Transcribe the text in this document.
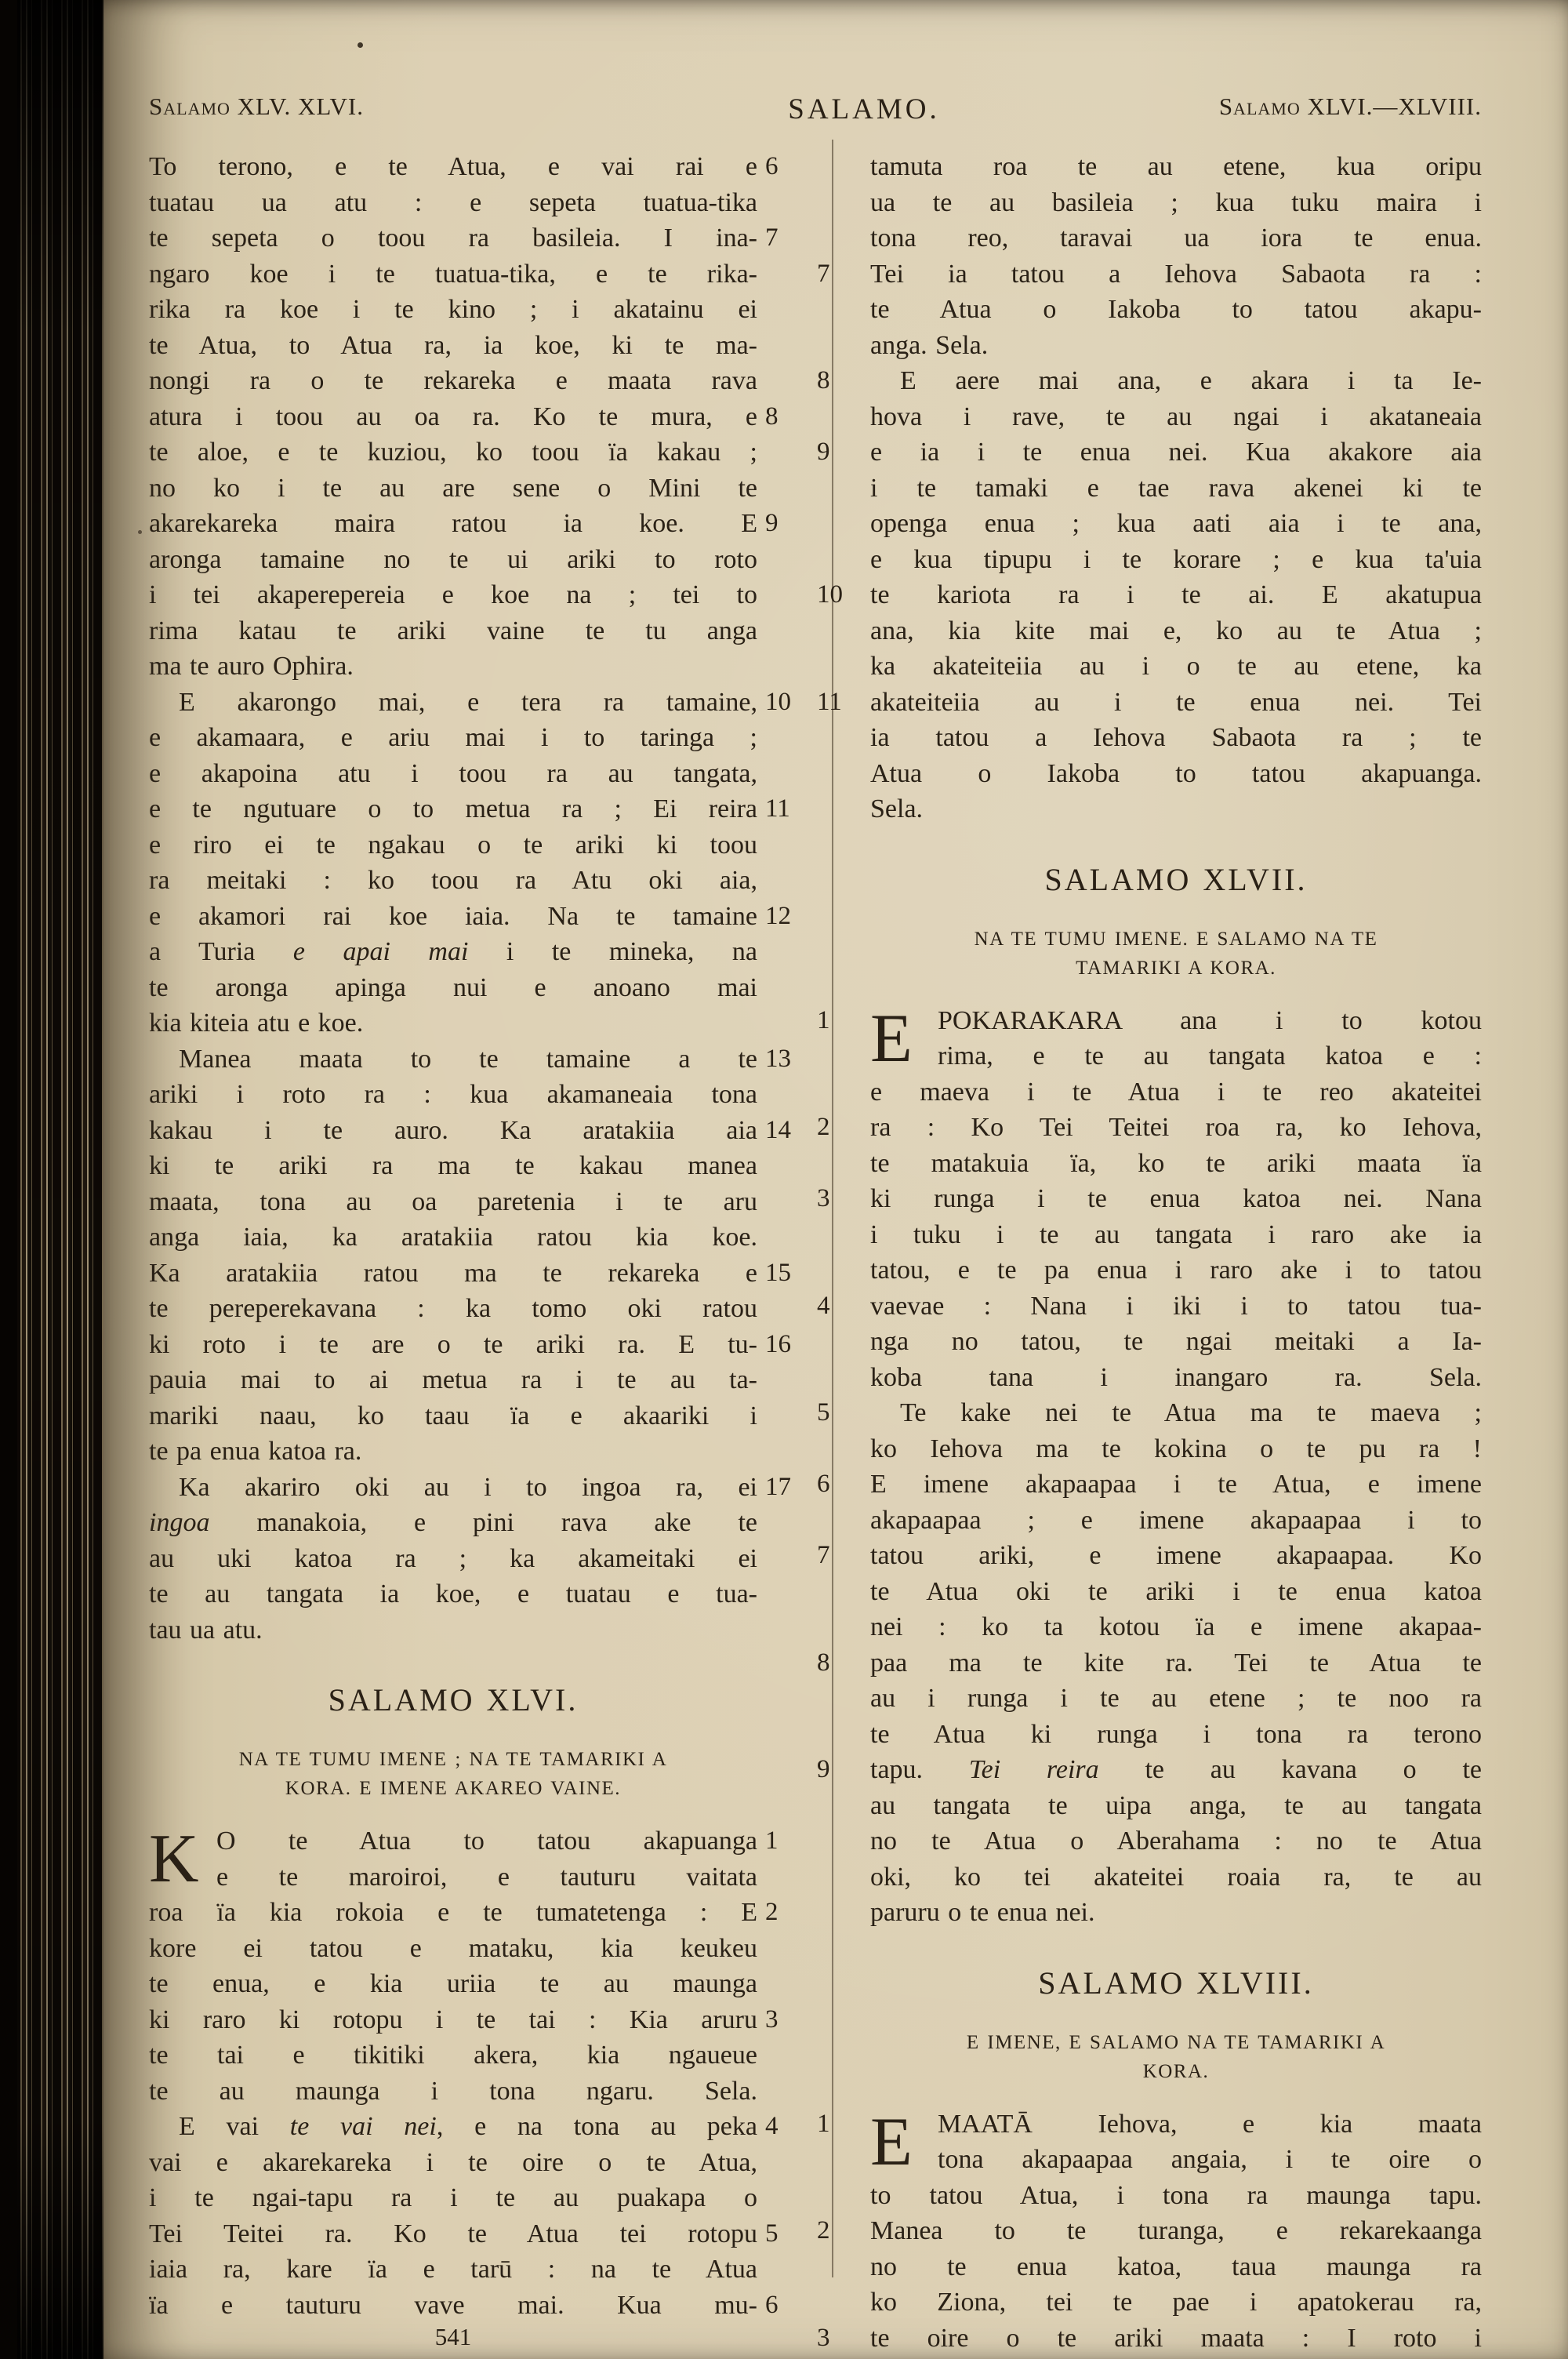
Salamo XLV. XLVI.	SALAMO.	Salamo XLVI.—XLVIII.
6
To terono, e te Atua, e vai rai e
tuatau ua atu : e sepeta tuatua-tika
7
te sepeta o toou ra basileia. I ina-
ngaro koe i te tuatua-tika, e te rika-
rika ra koe i te kino ; i akatainu ei
te Atua, to Atua ra, ia koe, ki te ma-
nongi ra o te rekareka e maata rava
8
atura i toou au oa ra. Ko te mura, e
te aloe, e te kuziou, ko toou ïa kakau ;
no ko i te au are sene o Mini te
9
akarekareka maira ratou ia koe. E
aronga tamaine no te ui ariki to roto
i tei akaperepereia e koe na ; tei to
rima katau te ariki vaine te tu anga
ma te auro Ophira.
10
E akarongo mai, e tera ra tamaine,
e akamaara, e ariu mai i to taringa ;
e akapoina atu i toou ra au tangata,
11
e te ngutuare o to metua ra ; Ei reira
e riro ei te ngakau o te ariki ki toou
ra meitaki : ko toou ra Atu oki aia,
12
e akamori rai koe iaia. Na te tamaine
a Turia e apai mai i te mineka, na
te aronga apinga nui e anoano mai
kia kiteia atu e koe.
13
Manea maata to te tamaine a te
ariki i roto ra : kua akamaneaia tona
14
kakau i te auro. Ka aratakiia aia
ki te ariki ra ma te kakau manea
maata, tona au oa paretenia i te aru
anga iaia, ka aratakiia ratou kia koe.
15
Ka aratakiia ratou ma te rekareka e
te pereperekavana : ka tomo oki ratou
16
ki roto i te are o te ariki ra. E tu-
pauia mai to ai metua ra i te au ta-
mariki naau, ko taau ïa e akaariki i
te pa enua katoa ra.
17
Ka akariro oki au i to ingoa ra, ei
ingoa manakoia, e pini rava ake te
au uki katoa ra ; ka akameitaki ei
te au tangata ia koe, e tuatau e tua-
tau ua atu.
SALAMO XLVI.
NA TE TUMU IMENE ; NA TE TAMARIKI A
KORA. E IMENE AKAREO VAINE.
1
K O te Atua to tatou akapuanga
e te maroiroi, e tauturu vaitata
2
roa ïa kia rokoia e te tumatetenga : E
kore ei tatou e mataku, kia keukeu
te enua, e kia uriia te au maunga
3
ki raro ki rotopu i te tai : Kia aruru
te tai e tikitiki akera, kia ngaueue
te au maunga i tona ngaru. Sela.
4
E vai te vai nei, e na tona au peka
vai e akarekareka i te oire o te Atua,
i te ngai-tapu ra i te au puakapa o
5
Tei Teitei ra. Ko te Atua tei rotopu
iaia ra, kare ïa e tarū : na te Atua
6
ïa e tauturu vave mai. Kua mu-
tamuta roa te au etene, kua oripu
ua te au basileia ; kua tuku maira i
tona reo, taravai ua iora te enua.
7	Tei ia tatou a Iehova Sabaota ra :
te Atua o Iakoba to tatou akapu-
anga. Sela.
8	E aere mai ana, e akara i ta Ie-
hova i rave, te au ngai i akataneaia
9	e ia i te enua nei. Kua akakore aia
i te tamaki e tae rava akenei ki te
openga enua ; kua aati aia i te ana,
e kua tipupu i te korare ; e kua ta'uia
10	te kariota ra i te ai. E akatupua
ana, kia kite mai e, ko au te Atua ;
ka akateiteiia au i o te au etene, ka
11	akateiteiia au i te enua nei. Tei
ia tatou a Iehova Sabaota ra ; te
Atua o Iakoba to tatou akapuanga.
Sela.
SALAMO XLVII.
NA TE TUMU IMENE. E SALAMO NA TE
TAMARIKI A KORA.
1 E POKARAKARA ana i to kotou
rima, e te au tangata katoa e :
e maeva i te Atua i te reo akateitei
2	ra : Ko Tei Teitei roa ra, ko Iehova,
te matakuia ïa, ko te ariki maata ïa
3	ki runga i te enua katoa nei. Nana
i tuku i te au tangata i raro ake ia
tatou, e te pa enua i raro ake i to tatou
4	vaevae : Nana i iki i to tatou tua-
nga no tatou, te ngai meitaki a Ia-
koba tana i inangaro ra. Sela.
5	Te kake nei te Atua ma te maeva ;
ko Iehova ma te kokina o te pu ra !
6	E imene akapaapaa i te Atua, e imene
akapaapaa ; e imene akapaapaa i to
7	tatou ariki, e imene akapaapaa. Ko
te Atua oki te ariki i te enua katoa
nei : ko ta kotou ïa e imene akapaa-
8	paa ma te kite ra. Tei te Atua te
au i runga i te au etene ; te noo ra
te Atua ki runga i tona ra terono
9	tapu. Tei reira te au kavana o te
au tangata te uipa anga, te au tangata
no te Atua o Aberahama : no te Atua
oki, ko tei akateitei roaia ra, te au
paruru o te enua nei.
SALAMO XLVIII.
E IMENE, E SALAMO NA TE TAMARIKI A
KORA.
1 E MAATĀ Iehova, e kia maata
tona akapaapaa angaia, i te oire o
to tatou Atua, i tona ra maunga tapu.
2	Manea to te turanga, e rekarekaanga
no te enua katoa, taua maunga ra
ko Ziona, tei te pae i apatokerau ra,
3	te oire o te ariki maata : I roto i
541
